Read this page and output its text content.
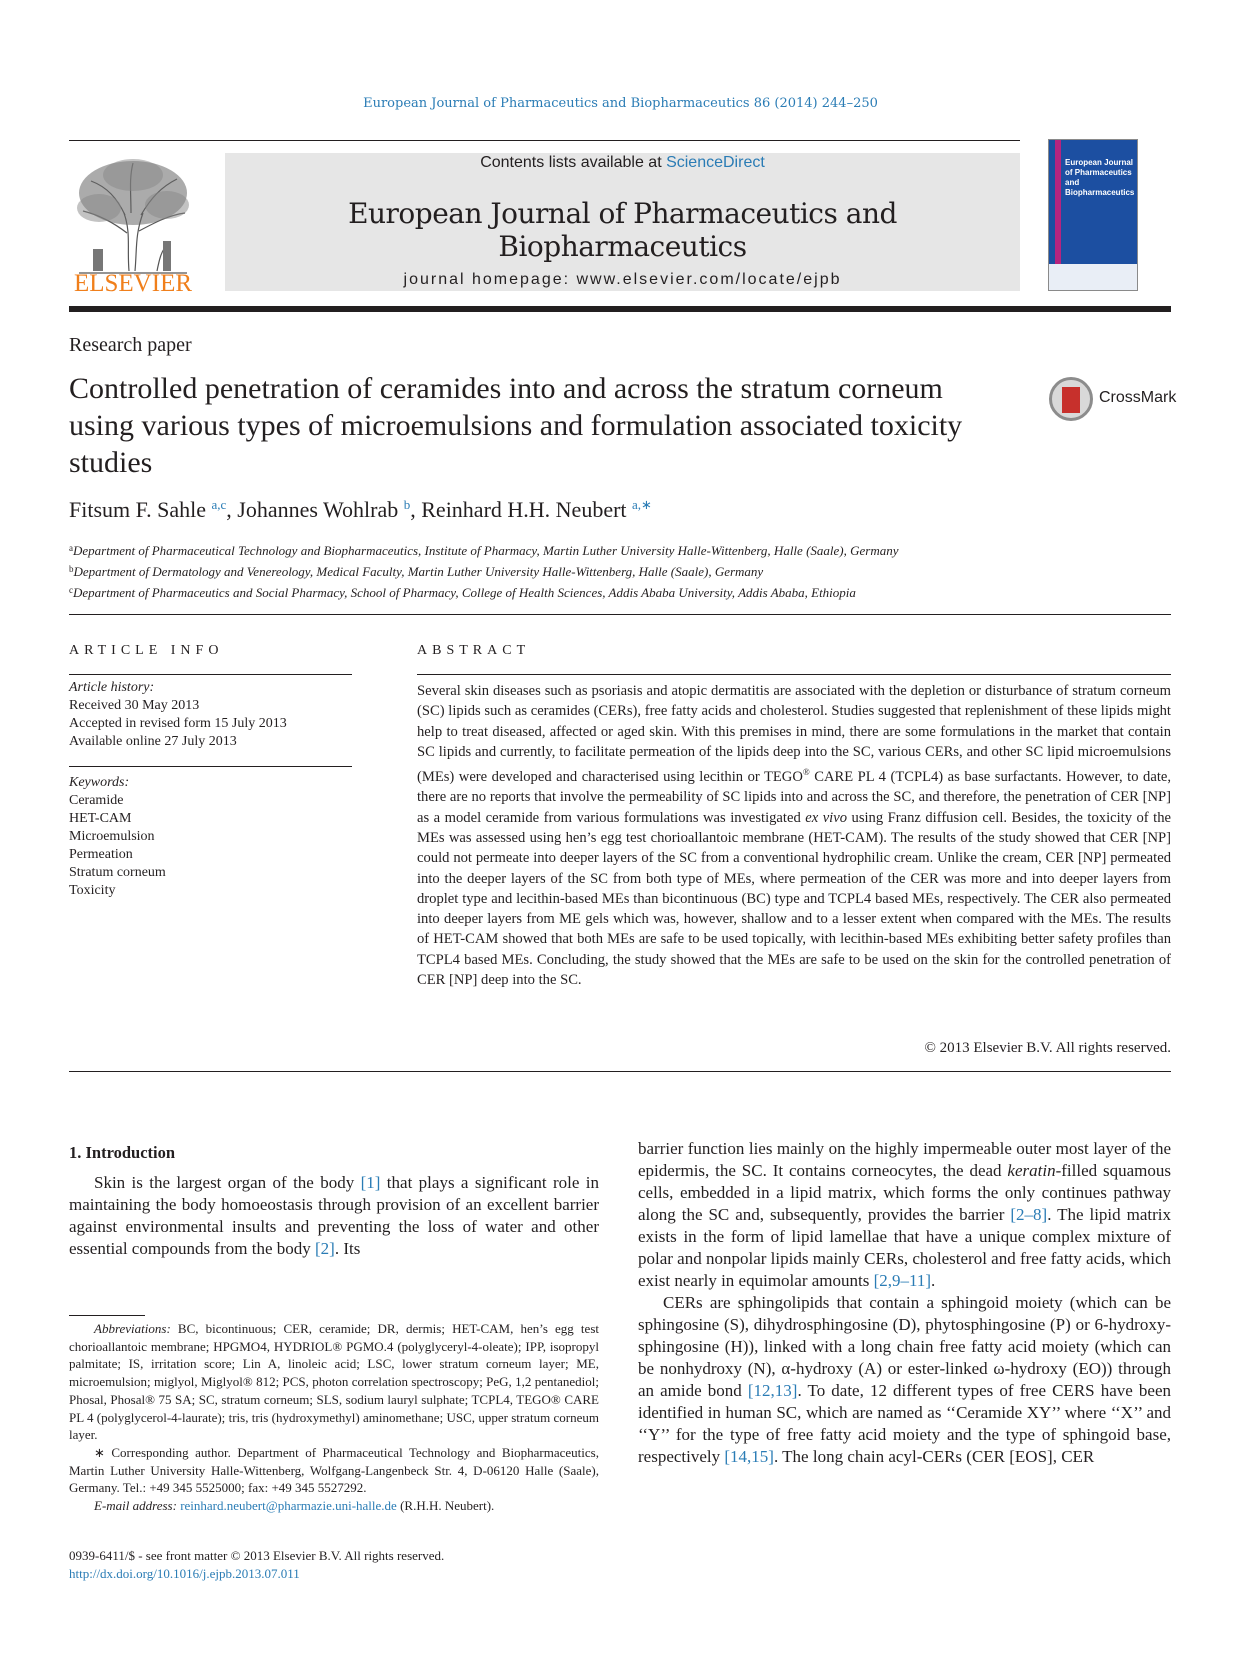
European Journal of Pharmaceutics and Biopharmaceutics 86 (2014) 244–250
ELSEVIER
Contents lists available at ScienceDirect
European Journal of Pharmaceutics and Biopharmaceutics
journal homepage: www.elsevier.com/locate/ejpb
European Journal of Pharmaceutics and Biopharmaceutics
Research paper
Controlled penetration of ceramides into and across the stratum corneum using various types of microemulsions and formulation associated toxicity studies
CrossMark
Fitsum F. Sahle $^{a,c}$, Johannes Wohlrab $^b$, Reinhard H.H. Neubert $^{a,∗}$
$^a$Department of Pharmaceutical Technology and Biopharmaceutics, Institute of Pharmacy, Martin Luther University Halle-Wittenberg, Halle (Saale), Germany
$^b$Department of Dermatology and Venereology, Medical Faculty, Martin Luther University Halle-Wittenberg, Halle (Saale), Germany
$^c$Department of Pharmaceutics and Social Pharmacy, School of Pharmacy, College of Health Sciences, Addis Ababa University, Addis Ababa, Ethiopia
ARTICLE INFO	ABSTRACT
Article history:
Received 30 May 2013
Accepted in revised form 15 July 2013
Available online 27 July 2013
Keywords:
Ceramide
HET-CAM
Microemulsion
Permeation
Stratum corneum
Toxicity
Several skin diseases such as psoriasis and atopic dermatitis are associated with the depletion or disturbance of stratum corneum (SC) lipids such as ceramides (CERs), free fatty acids and cholesterol. Studies suggested that replenishment of these lipids might help to treat diseased, affected or aged skin. With this premises in mind, there are some formulations in the market that contain SC lipids and currently, to facilitate permeation of the lipids deep into the SC, various CERs, and other SC lipid microemulsions (MEs) were developed and characterised using lecithin or TEGO® CARE PL 4 (TCPL4) as base surfactants. However, to date, there are no reports that involve the permeability of SC lipids into and across the SC, and therefore, the penetration of CER [NP] as a model ceramide from various formulations was investigated ex vivo using Franz diffusion cell. Besides, the toxicity of the MEs was assessed using hen’s egg test chorioallantoic membrane (HET-CAM). The results of the study showed that CER [NP] could not permeate into deeper layers of the SC from a conventional hydrophilic cream. Unlike the cream, CER [NP] permeated into the deeper layers of the SC from both type of MEs, where permeation of the CER was more and into deeper layers from droplet type and lecithin-based MEs than bicontinuous (BC) type and TCPL4 based MEs, respectively. The CER also permeated into deeper layers from ME gels which was, however, shallow and to a lesser extent when compared with the MEs. The results of HET-CAM showed that both MEs are safe to be used topically, with lecithin-based MEs exhibiting better safety profiles than TCPL4 based MEs. Concluding, the study showed that the MEs are safe to be used on the skin for the controlled penetration of CER [NP] deep into the SC.
© 2013 Elsevier B.V. All rights reserved.
1. Introduction
Skin is the largest organ of the body [1] that plays a significant role in maintaining the body homoeostasis through provision of an excellent barrier against environmental insults and preventing the loss of water and other essential compounds from the body [2]. Its

barrier function lies mainly on the highly impermeable outer most layer of the epidermis, the SC. It contains corneocytes, the dead keratin-filled squamous cells, embedded in a lipid matrix, which forms the only continues pathway along the SC and, subsequently, provides the barrier [2–8]. The lipid matrix exists in the form of lipid lamellae that have a unique complex mixture of polar and nonpolar lipids mainly CERs, cholesterol and free fatty acids, which exist nearly in equimolar amounts [2,9–11].

CERs are sphingolipids that contain a sphingoid moiety (which can be sphingosine (S), dihydrosphingosine (D), phytosphingosine (P) or 6-hydroxy-sphingosine (H)), linked with a long chain free fatty acid moiety (which can be nonhydroxy (N), α-hydroxy (A) or ester-linked ω-hydroxy (EO)) through an amide bond [12,13]. To date, 12 different types of free CERS have been identified in human SC, which are named as ‘‘Ceramide XY’’ where ‘‘X’’ and ‘‘Y’’ for the type of free fatty acid moiety and the type of sphingoid base, respectively [14,15]. The long chain acyl-CERs (CER [EOS], CER

Abbreviations: BC, bicontinuous; CER, ceramide; DR, dermis; HET-CAM, hen’s egg test chorioallantoic membrane; HPGMO4, HYDRIOL® PGMO.4 (polyglyceryl-4-oleate); IPP, isopropyl palmitate; IS, irritation score; Lin A, linoleic acid; LSC, lower stratum corneum layer; ME, microemulsion; miglyol, Miglyol® 812; PCS, photon correlation spectroscopy; PeG, 1,2 pentanediol; Phosal, Phosal® 75 SA; SC, stratum corneum; SLS, sodium lauryl sulphate; TCPL4, TEGO® CARE PL 4 (polyglycerol-4-laurate); tris, tris (hydroxymethyl) aminomethane; USC, upper stratum corneum layer.
∗ Corresponding author. Department of Pharmaceutical Technology and Biopharmaceutics, Martin Luther University Halle-Wittenberg, Wolfgang-Langenbeck Str. 4, D-06120 Halle (Saale), Germany. Tel.: +49 345 5525000; fax: +49 345 5527292.
E-mail address: reinhard.neubert@pharmazie.uni-halle.de (R.H.H. Neubert).
0939-6411/$ - see front matter © 2013 Elsevier B.V. All rights reserved.
http://dx.doi.org/10.1016/j.ejpb.2013.07.011
